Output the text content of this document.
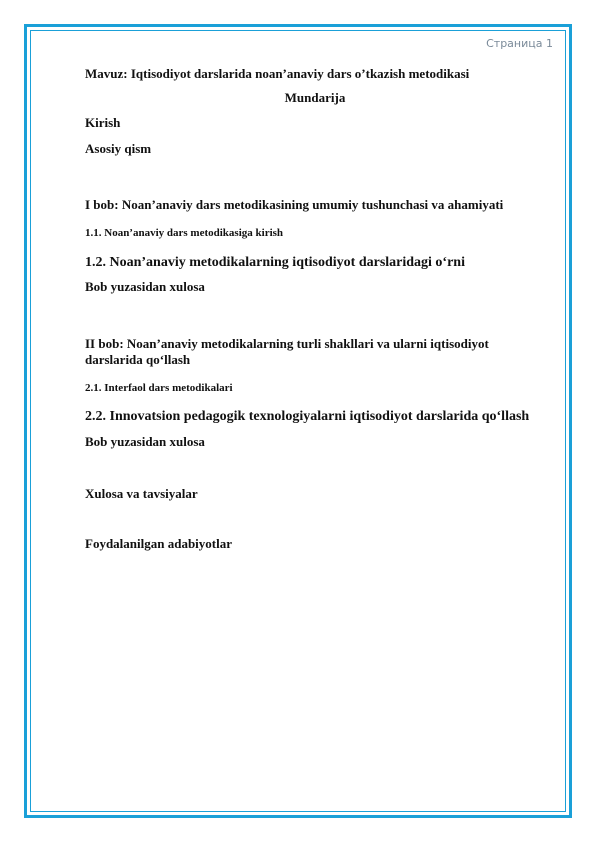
Страница 1
Mavuz: Iqtisodiyot darslarida noan’anaviy dars o’tkazish metodikasi
Mundarija
Kirish
Asosiy qism
I bob: Noan’anaviy dars metodikasining umumiy tushunchasi va ahamiyati
1.1. Noan’anaviy dars metodikasiga kirish
1.2. Noan’anaviy metodikalarning iqtisodiyot darslaridagi o‘rni
Bob yuzasidan xulosa
II bob: Noan’anaviy metodikalarning turli shakllari va ularni iqtisodiyot darslarida qo‘llash
2.1. Interfaol dars metodikalari
2.2. Innovatsion pedagogik texnologiyalarni iqtisodiyot darslarida qo‘llash
Bob yuzasidan xulosa
Xulosa va tavsiyalar
Foydalanilgan adabiyotlar
